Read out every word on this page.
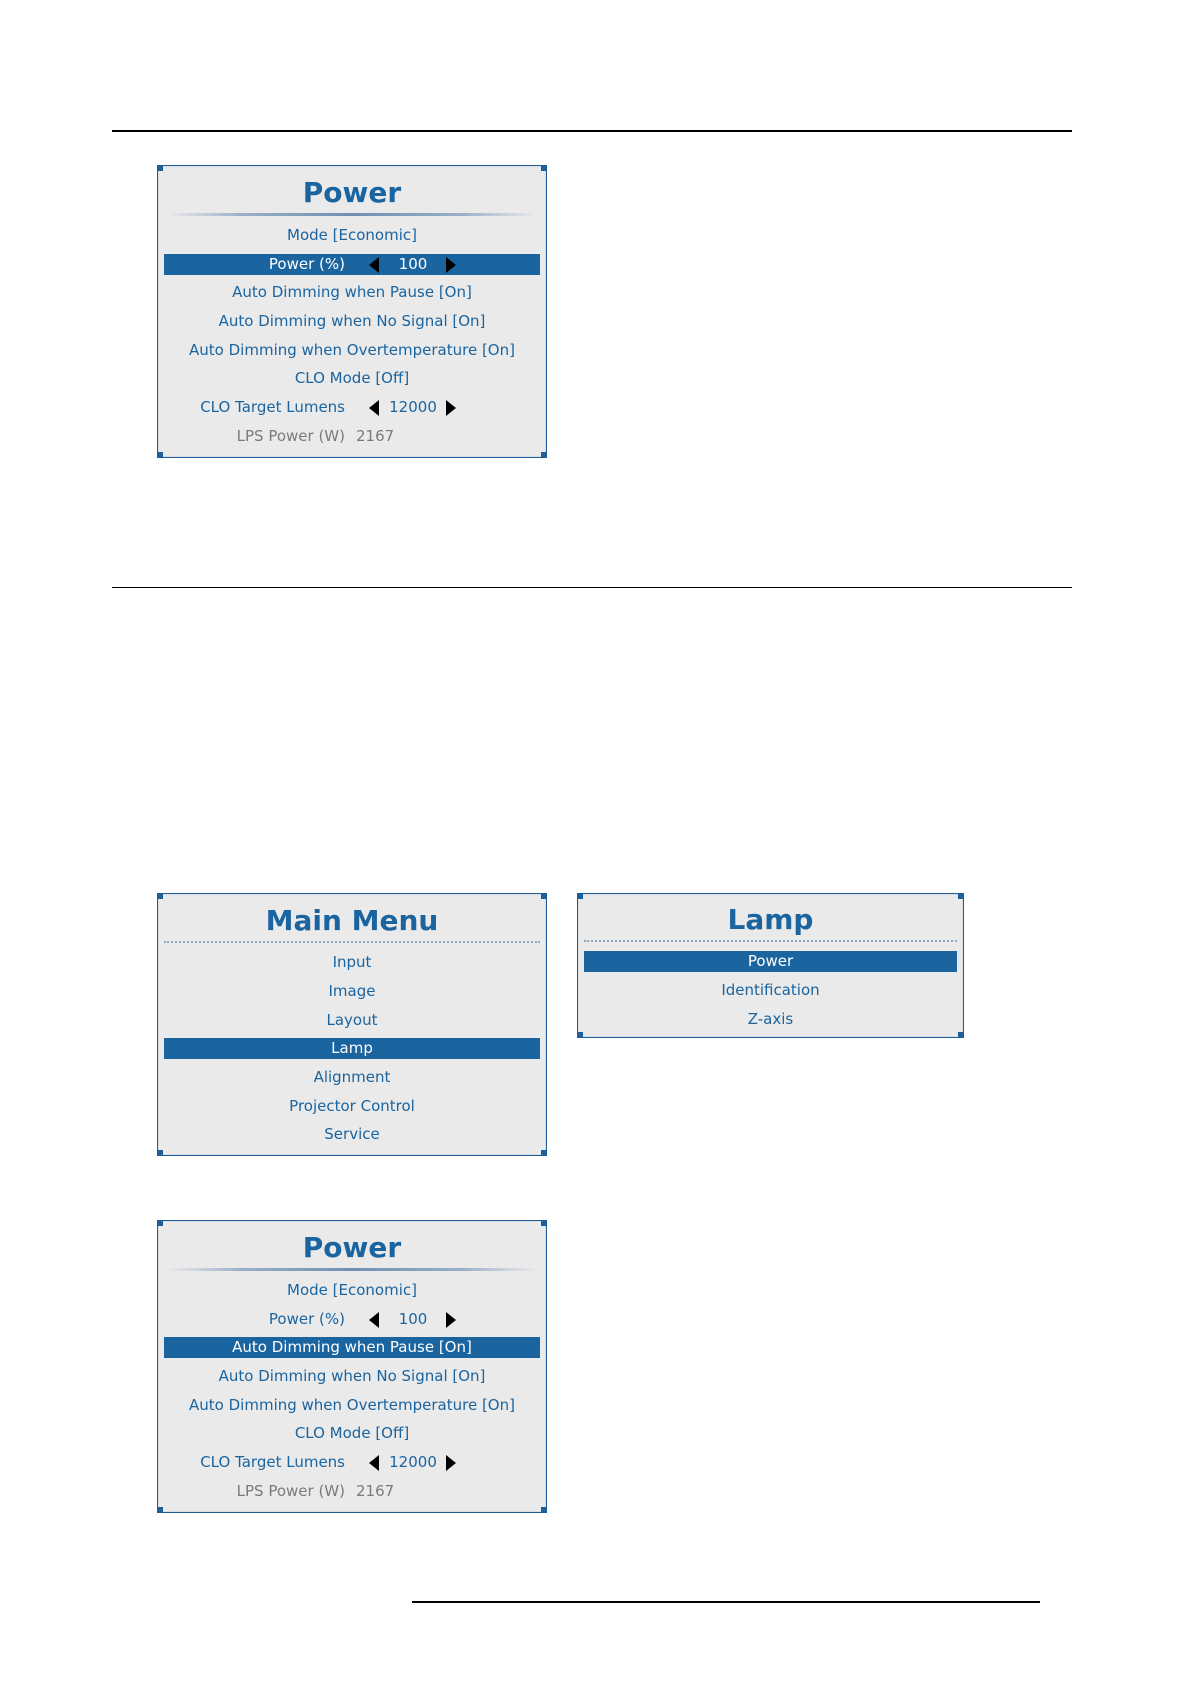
Power
Mode [Economic]
Power (%)	100
Auto Dimming when Pause [On]
Auto Dimming when No Signal [On]
Auto Dimming when Overtemperature [On]
CLO Mode [Off]
CLO Target Lumens	12000
LPS Power (W) 2167
Main Menu
Input
Image
Layout
Lamp
Alignment
Projector Control
Service
Lamp
Power
Identification
Z-axis
Power
Mode [Economic]
Power (%)	100
Auto Dimming when Pause [On]
Auto Dimming when No Signal [On]
Auto Dimming when Overtemperature [On]
CLO Mode [Off]
CLO Target Lumens	12000
LPS Power (W) 2167
